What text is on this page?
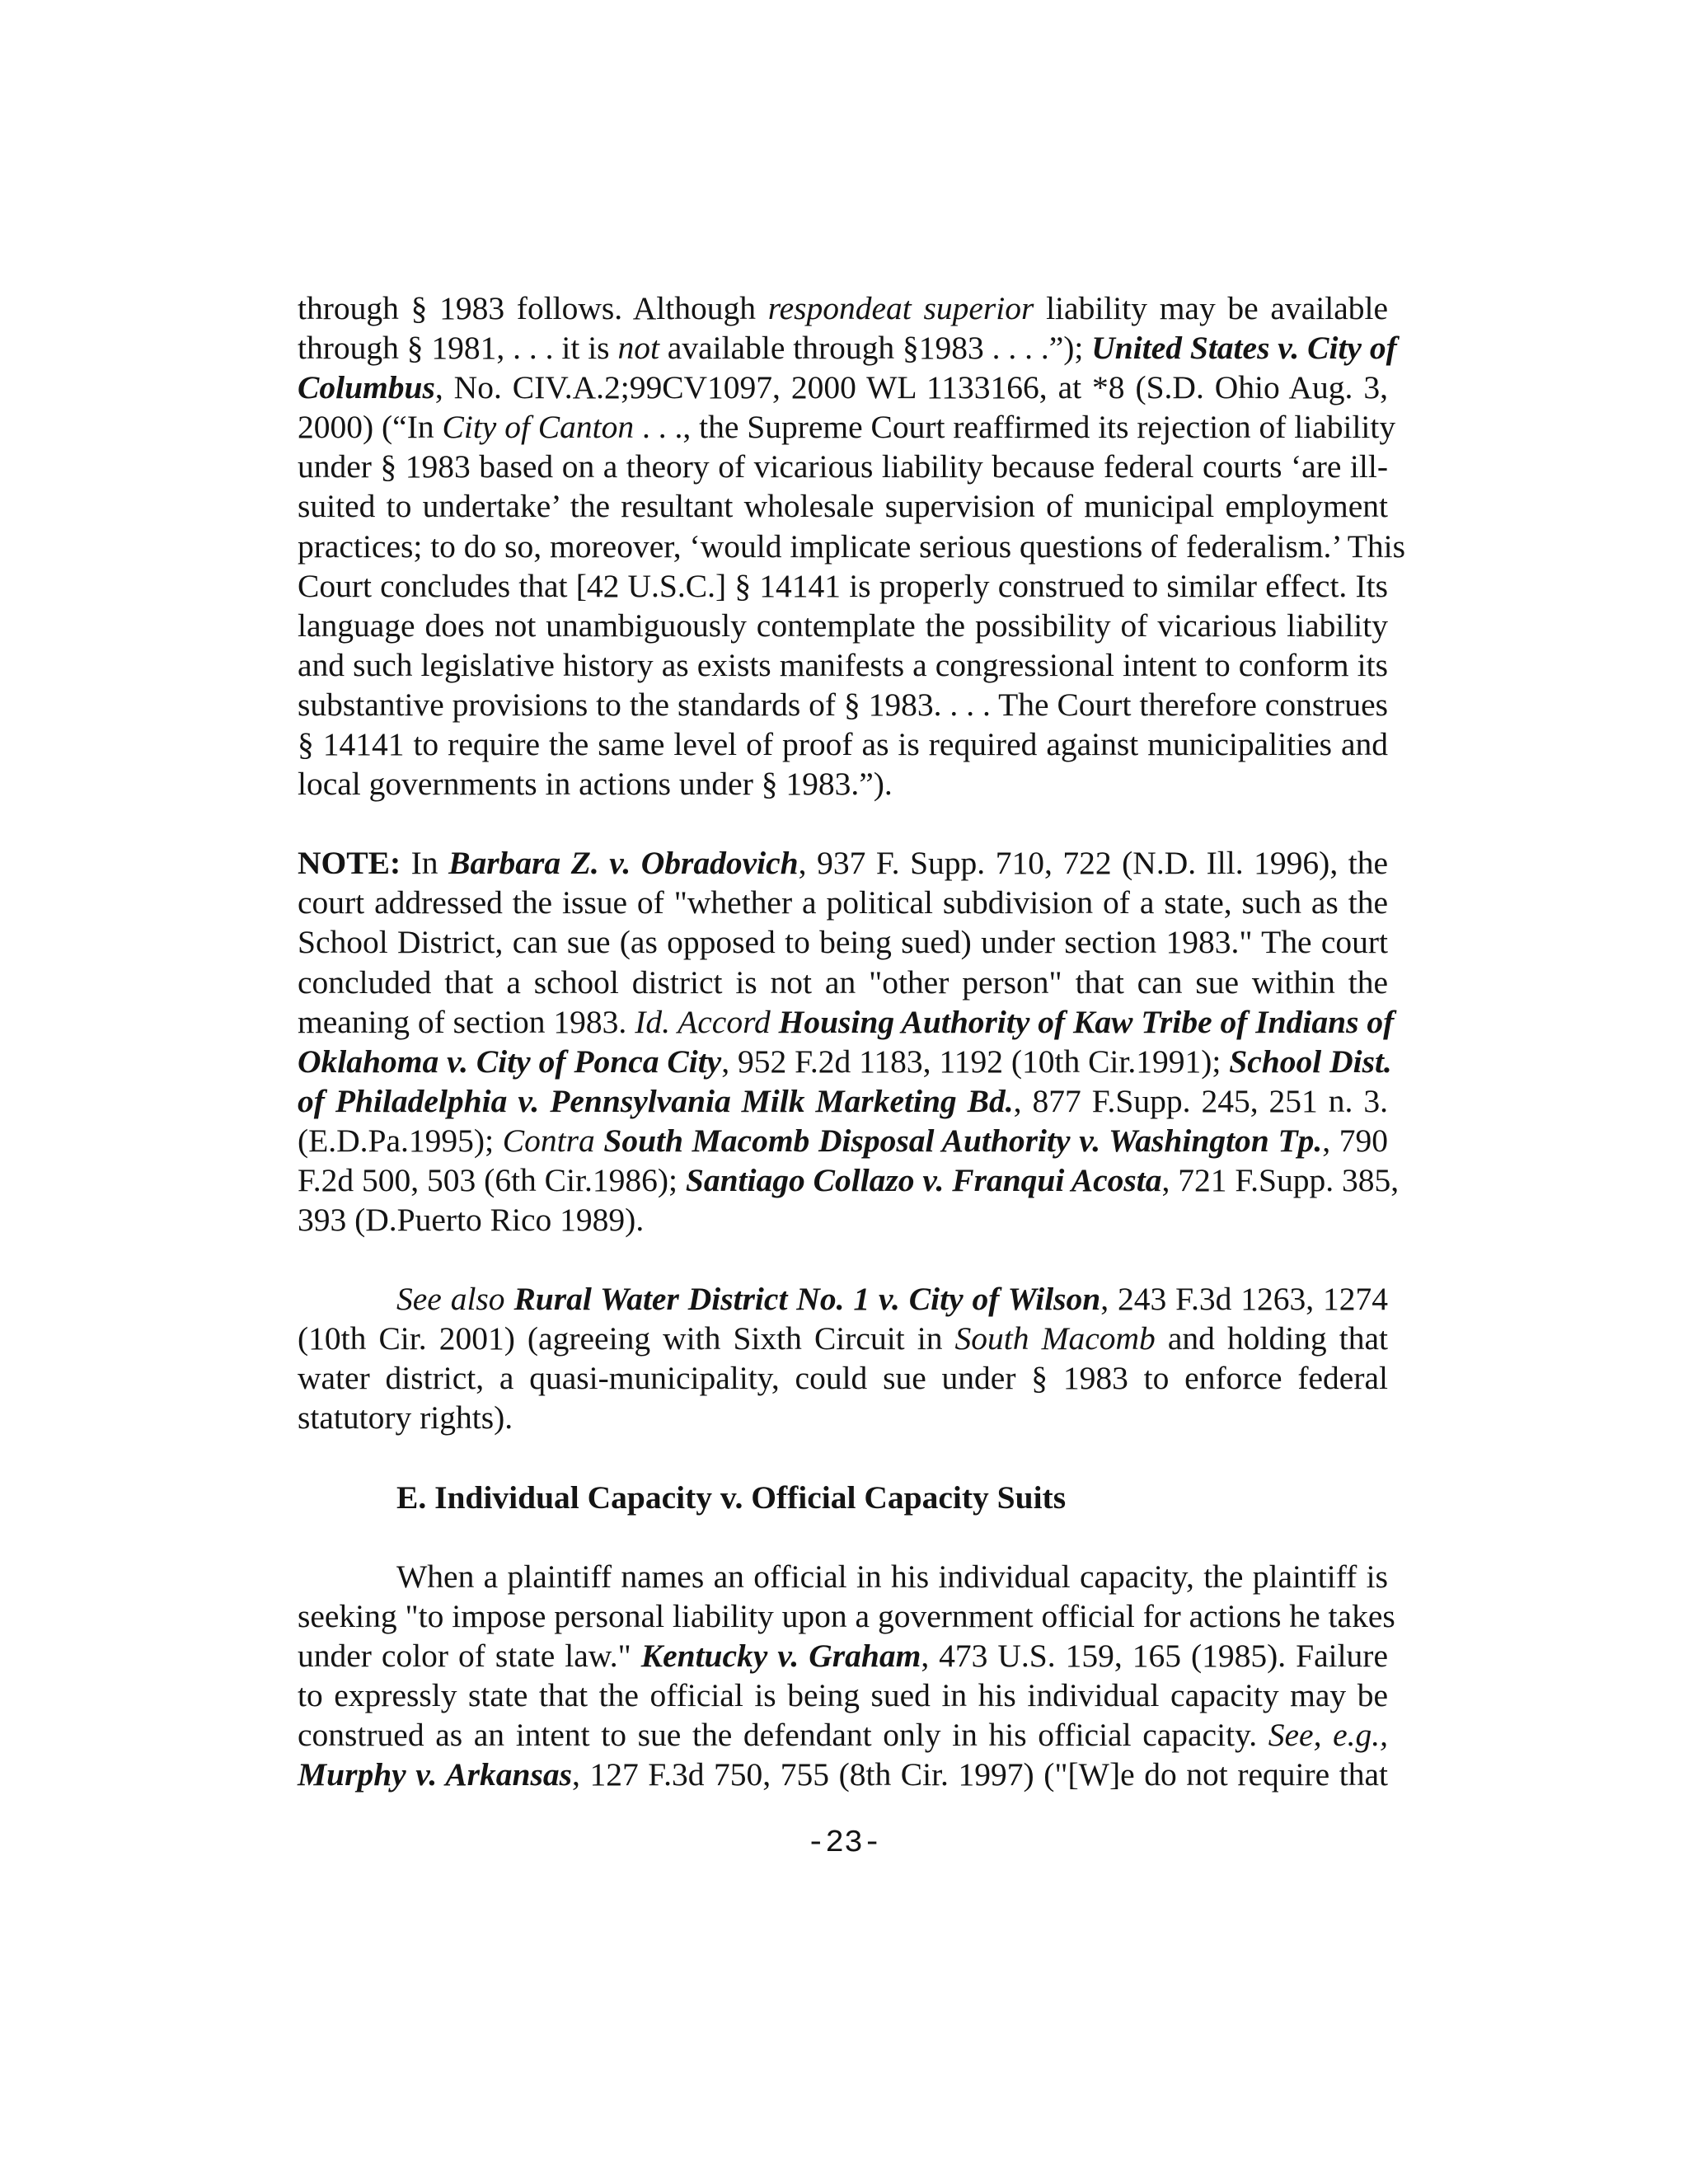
through § 1983 follows. Although respondeat superior liability may be available
through § 1981, . . . it is not available through §1983 . . . .”); United States v. City of
Columbus, No. CIV.A.2;99CV1097, 2000 WL 1133166, at *8 (S.D. Ohio Aug. 3,
2000) (“In City of Canton . . ., the Supreme Court reaffirmed its rejection of liability
under § 1983 based on a theory of vicarious liability because federal courts ‘are ill-
suited to undertake’ the resultant wholesale supervision of municipal employment
practices; to do so, moreover, ‘would implicate serious questions of federalism.’ This
Court concludes that [42 U.S.C.] § 14141 is properly construed to similar effect. Its
language does not unambiguously contemplate the possibility of vicarious liability
and such legislative history as exists manifests a congressional intent to conform its
substantive provisions to the standards of § 1983. . . . The Court therefore construes
§ 14141 to require the same level of proof as is required against municipalities and
local governments in actions under § 1983.”).
NOTE: In Barbara Z. v. Obradovich, 937 F. Supp. 710, 722 (N.D. Ill. 1996), the
court addressed the issue of "whether a political subdivision of a state, such as the
School District, can sue (as opposed to being sued) under section 1983." The court
concluded that a school district is not an "other person" that can sue within the
meaning of section 1983. Id. Accord Housing Authority of Kaw Tribe of Indians of
Oklahoma v. City of Ponca City, 952 F.2d 1183, 1192 (10th Cir.1991); School Dist.
of Philadelphia v. Pennsylvania Milk Marketing Bd., 877 F.Supp. 245, 251 n. 3.
(E.D.Pa.1995); Contra South Macomb Disposal Authority v. Washington Tp., 790
F.2d 500, 503 (6th Cir.1986); Santiago Collazo v. Franqui Acosta, 721 F.Supp. 385,
393 (D.Puerto Rico 1989).
See also Rural Water District No. 1 v. City of Wilson, 243 F.3d 1263, 1274
(10th Cir. 2001) (agreeing with Sixth Circuit in South Macomb and holding that
water district, a quasi-municipality, could sue under § 1983 to enforce federal
statutory rights).
E. Individual Capacity v. Official Capacity Suits
When a plaintiff names an official in his individual capacity, the plaintiff is
seeking "to impose personal liability upon a government official for actions he takes
under color of state law." Kentucky v. Graham, 473 U.S. 159, 165 (1985). Failure
to expressly state that the official is being sued in his individual capacity may be
construed as an intent to sue the defendant only in his official capacity. See, e.g.,
Murphy v. Arkansas, 127 F.3d 750, 755 (8th Cir. 1997) ("[W]e do not require that
-23-
